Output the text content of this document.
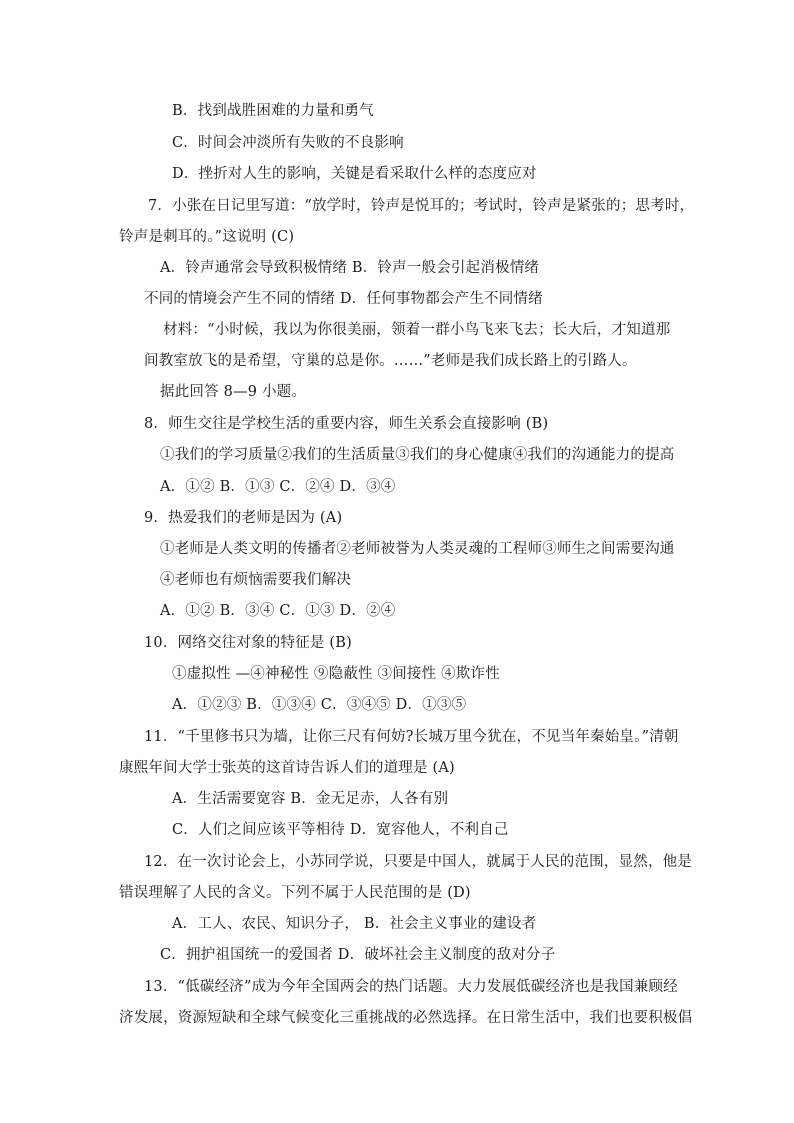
B．找到战胜困难的力量和勇气
C．时间会冲淡所有失败的不良影响
D．挫折对人生的影响，关键是看采取什么样的态度应对
7．小张在日记里写道：“放学时，铃声是悦耳的；考试时，铃声是紧张的；思考时，
铃声是刺耳的。”这说明 (C)
A．铃声通常会导致积极情绪 B．铃声一般会引起消极情绪
不同的情境会产生不同的情绪 D．任何事物都会产生不同情绪
材料：“小时候，我以为你很美丽，领着一群小鸟飞来飞去；长大后，才知道那
间教室放飞的是希望，守巢的总是你。……”老师是我们成长路上的引路人。
据此回答 8—9 小题。
8．师生交往是学校生活的重要内容，师生关系会直接影响 (B)
①我们的学习质量②我们的生活质量③我们的身心健康④我们的沟通能力的提高
A．①② B．①③ C．②④ D．③④
9．热爱我们的老师是因为 (A)
①老师是人类文明的传播者②老师被誉为人类灵魂的工程师③师生之间需要沟通
④老师也有烦恼需要我们解决
A．①② B．③④ C．①③ D．②④
10．网络交往对象的特征是 (B)
①虚拟性 —④神秘性 ⑨隐蔽性 ③间接性 ④欺诈性
A．①②③ B．①③④ C．③④⑤ D．①③⑤
11．“千里修书只为墙，让你三尺有何妨?长城万里今犹在，不见当年秦始皇。”清朝
康熙年间大学士张英的这首诗告诉人们的道理是 (A)
A．生活需要宽容 B．金无足赤，人各有别
C．人们之间应该平等相待 D．宽容他人，不利自己
12．在一次讨论会上，小苏同学说，只要是中国人，就属于人民的范围，显然，他是
错误理解了人民的含义。下列不属于人民范围的是 (D)
A．工人、农民、知识分子， B．社会主义事业的建设者
C．拥护祖国统一的爱国者 D．破坏社会主义制度的敌对分子
13．“低碳经济”成为今年全国两会的热门话题。大力发展低碳经济也是我国兼顾经
济发展，资源短缺和全球气候变化三重挑战的必然选择。在日常生活中，我们也要积极倡
